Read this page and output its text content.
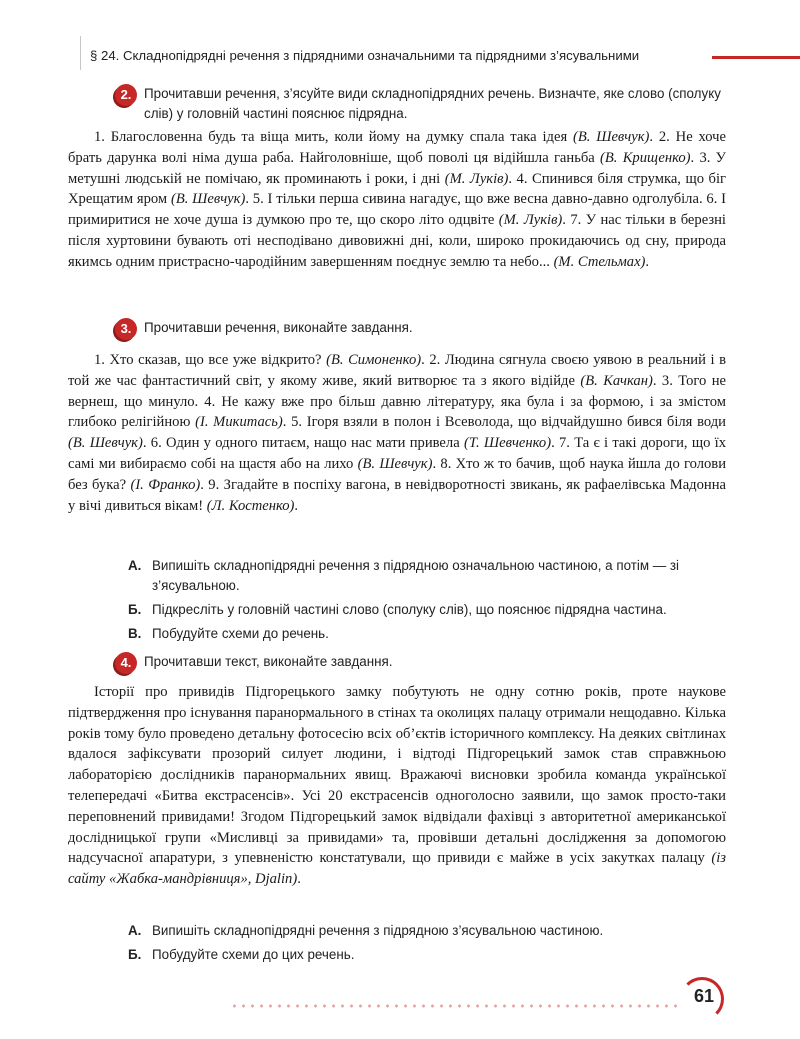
§ 24. Складнопідрядні речення з підрядними означальними та підрядними з’ясувальними
2. Прочитавши речення, з’ясуйте види складнопідрядних речень. Визначте, яке слово (сполуку слів) у головній частині пояснює підрядна.

1. Благословенна будь та віща мить, коли йому на думку спала така ідея (В. Шевчук). 2. Не хоче брать дарунка волі німа душа раба. Найголовніше, щоб поволі ця відійшла ганьба (В. Крищенко). 3. У метушні людській не помічаю, як проминають і роки, і дні (М. Луків). 4. Спинився біля струмка, що біг Хрещатим яром (В. Шевчук). 5. І тільки перша сивина нагадує, що вже весна давно-давно одголубіла. 6. І примиритися не хоче душа із думкою про те, що скоро літо одцвіте (М. Луків). 7. У нас тільки в березні після хуртовини бувають оті несподівано дивовижні дні, коли, широко прокидаючись од сну, природа якимсь одним пристрасно-чародійним завершенням поєднує землю та небо... (М. Стельмах).

3. Прочитавши речення, виконайте завдання.

1. Хто сказав, що все уже відкрито? (В. Симоненко). 2. Людина сягнула своєю уявою в реальний і в той же час фантастичний світ, у якому живе, який витворює та з якого відійде (В. Качкан). 3. Того не вернеш, що минуло. 4. Не кажу вже про більш давню літературу, яка була і за формою, і за змістом глибоко релігійною (І. Микитась). 5. Ігоря взяли в полон і Всеволода, що відчайдушно бився біля води (В. Шевчук). 6. Один у одного питаєм, нащо нас мати привела (Т. Шевченко). 7. Та є і такі дороги, що їх самі ми вибираємо собі на щастя або на лихо (В. Шевчук). 8. Хто ж то бачив, щоб наука йшла до голови без бука? (І. Франко). 9. Згадайте в поспіху вагона, в невідворотності звикань, як рафаелівська Мадонна у вічі дивиться вікам! (Л. Костенко).

А. Випишіть складнопідрядні речення з підрядною означальною частиною, а потім — зі з’ясувальною.
Б. Підкресліть у головній частині слово (сполуку слів), що пояснює підрядна частина.
В. Побудуйте схеми до речень.
4. Прочитавши текст, виконайте завдання.

Історії про привидів Підгорецького замку побутують не одну сотню років, проте наукове підтвердження про існування паранормального в стінах та околицях палацу отримали нещодавно. Кілька років тому було проведено детальну фотосесію всіх об’єктів історичного комплексу. На деяких світлинах вдалося зафіксувати прозорий силует людини, і відтоді Підгорецький замок став справжньою лабораторією дослідників паранормальних явищ. Вражаючі висновки зробила команда української телепередачі «Битва екстрасенсів». Усі 20 екстрасенсів одноголосно заявили, що замок просто-таки переповнений привидами! Згодом Підгорецький замок відвідали фахівці з авторитетної американської дослідницької групи «Мисливці за привидами» та, провівши детальні дослідження за допомогою надсучасної апаратури, з упевненістю констатували, що привиди є майже в усіх закутках палацу (із сайту «Жабка-мандрівниця», Djalin).

А. Випишіть складнопідрядні речення з підрядною з’ясувальною частиною.
Б. Побудуйте схеми до цих речень.
61
